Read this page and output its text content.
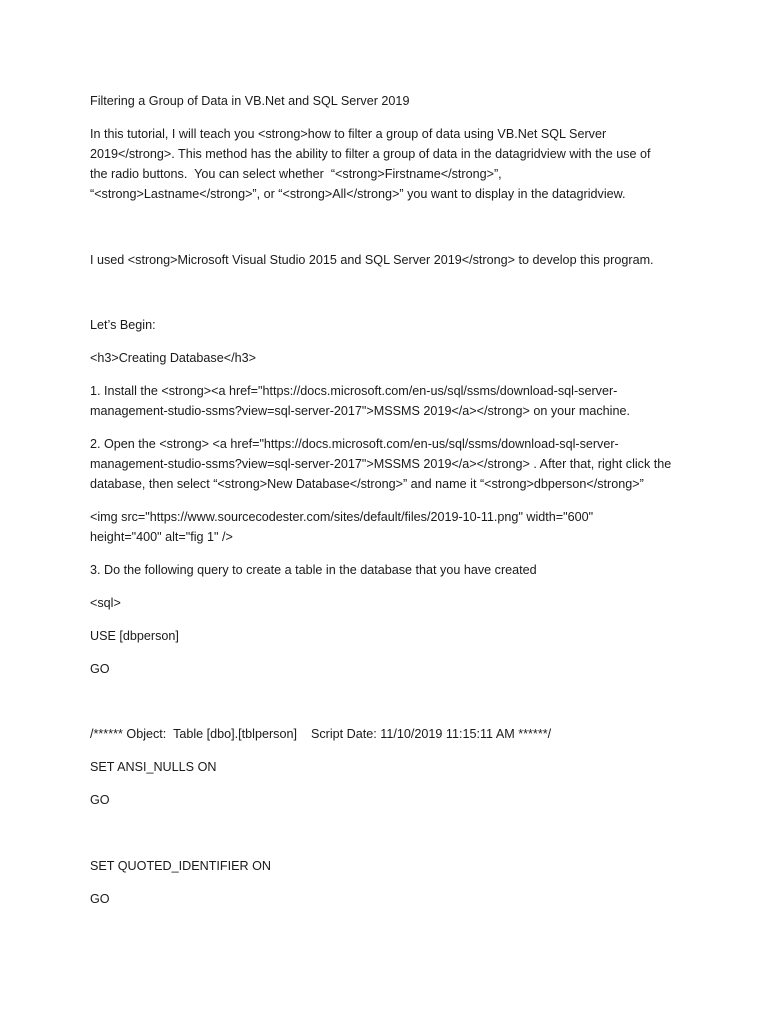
Filtering a Group of Data in VB.Net and SQL Server 2019
In this tutorial, I will teach you <strong>how to filter a group of data using VB.Net SQL Server
2019</strong>. This method has the ability to filter a group of data in the datagridview with the use of
the radio buttons.  You can select whether  “<strong>Firstname</strong>”,
“<strong>Lastname</strong>”, or “<strong>All</strong>” you want to display in the datagridview.
I used <strong>Microsoft Visual Studio 2015 and SQL Server 2019</strong> to develop this program.
Let’s Begin:
<h3>Creating Database</h3>
1. Install the <strong><a href="https://docs.microsoft.com/en-us/sql/ssms/download-sql-server-
management-studio-ssms?view=sql-server-2017">MSSMS 2019</a></strong> on your machine.
2. Open the <strong> <a href="https://docs.microsoft.com/en-us/sql/ssms/download-sql-server-
management-studio-ssms?view=sql-server-2017">MSSMS 2019</a></strong> . After that, right click the
database, then select “<strong>New Database</strong>” and name it “<strong>dbperson</strong>”
<img src="https://www.sourcecodester.com/sites/default/files/2019-10-11.png" width="600"
height="400" alt="fig 1" />
3. Do the following query to create a table in the database that you have created
<sql>
USE [dbperson]
GO
/****** Object:  Table [dbo].[tblperson]    Script Date: 11/10/2019 11:15:11 AM ******/
SET ANSI_NULLS ON
GO
SET QUOTED_IDENTIFIER ON
GO
